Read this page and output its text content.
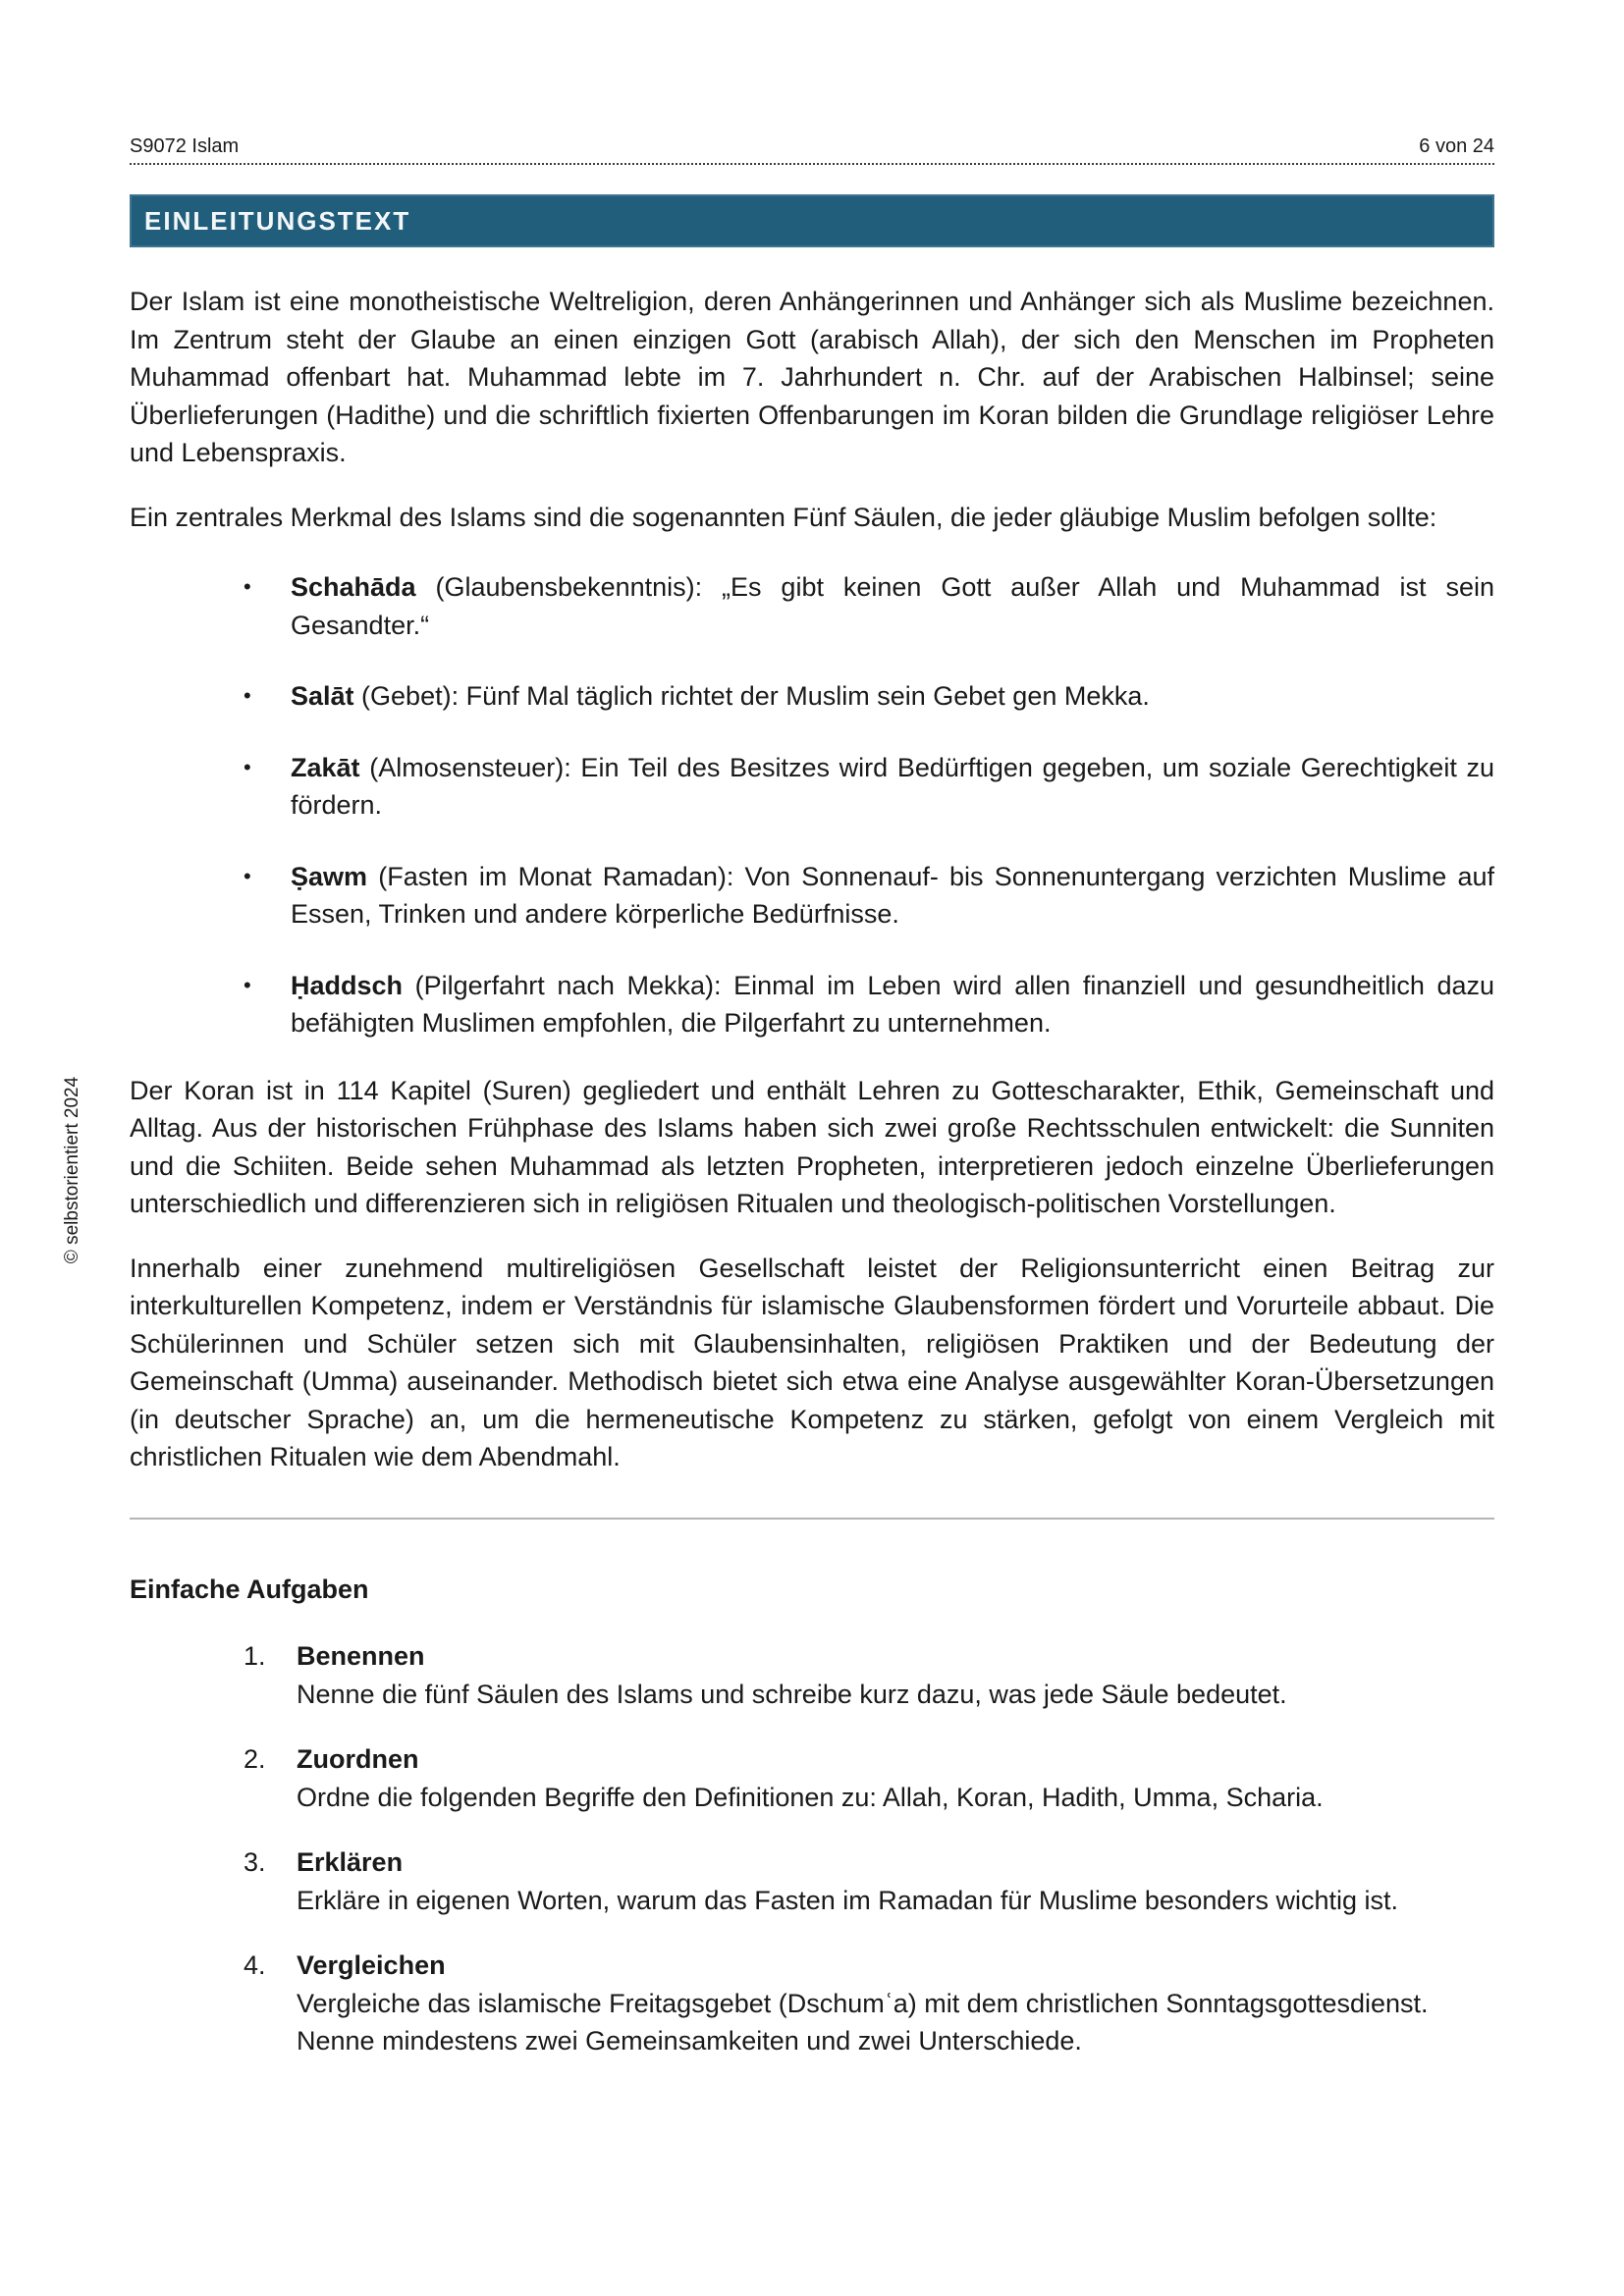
© selbstorientiert 2024
S9072 Islam	6 von 24
EINLEITUNGSTEXT

Der Islam ist eine monotheistische Weltreligion, deren Anhängerinnen und Anhänger sich als Muslime bezeichnen. Im Zentrum steht der Glaube an einen einzigen Gott (arabisch Allah), der sich den Menschen im Propheten Muhammad offenbart hat. Muhammad lebte im 7. Jahrhundert n. Chr. auf der Arabischen Halbinsel; seine Überlieferungen (Hadithe) und die schriftlich fixierten Offenbarungen im Koran bilden die Grundlage religiöser Lehre und Lebenspraxis.

Ein zentrales Merkmal des Islams sind die sogenannten Fünf Säulen, die jeder gläubige Muslim befolgen sollte:

•	Schahāda (Glaubensbekenntnis): „Es gibt keinen Gott außer Allah und Muhammad ist sein Gesandter.“
•	Salāt (Gebet): Fünf Mal täglich richtet der Muslim sein Gebet gen Mekka.
•	Zakāt (Almosensteuer): Ein Teil des Besitzes wird Bedürftigen gegeben, um soziale Gerechtigkeit zu fördern.
•	Ṣawm (Fasten im Monat Ramadan): Von Sonnenauf- bis Sonnenuntergang verzichten Muslime auf Essen, Trinken und andere körperliche Bedürfnisse.
•	Ḥaddsch (Pilgerfahrt nach Mekka): Einmal im Leben wird allen finanziell und gesundheitlich dazu befähigten Muslimen empfohlen, die Pilgerfahrt zu unternehmen.

Der Koran ist in 114 Kapitel (Suren) gegliedert und enthält Lehren zu Gottescharakter, Ethik, Gemeinschaft und Alltag. Aus der historischen Frühphase des Islams haben sich zwei große Rechtsschulen entwickelt: die Sunniten und die Schiiten. Beide sehen Muhammad als letzten Propheten, interpretieren jedoch einzelne Überlieferungen unterschiedlich und differenzieren sich in religiösen Ritualen und theologisch-politischen Vorstellungen.

Innerhalb einer zunehmend multireligiösen Gesellschaft leistet der Religionsunterricht einen Beitrag zur interkulturellen Kompetenz, indem er Verständnis für islamische Glaubensformen fördert und Vorurteile abbaut. Die Schülerinnen und Schüler setzen sich mit Glaubensinhalten, religiösen Praktiken und der Bedeutung der Gemeinschaft (Umma) auseinander. Methodisch bietet sich etwa eine Analyse ausgewählter Koran-Übersetzungen (in deutscher Sprache) an, um die hermeneutische Kompetenz zu stärken, gefolgt von einem Vergleich mit christlichen Ritualen wie dem Abendmahl.

Einfache Aufgaben
1.	Benennen
Nenne die fünf Säulen des Islams und schreibe kurz dazu, was jede Säule bedeutet.
2.	Zuordnen
Ordne die folgenden Begriffe den Definitionen zu: Allah, Koran, Hadith, Umma, Scharia.
3.	Erklären
Erkläre in eigenen Worten, warum das Fasten im Ramadan für Muslime besonders wichtig ist.
4.	Vergleichen
Vergleiche das islamische Freitagsgebet (Dschumʿa) mit dem christlichen Sonntagsgottesdienst. Nenne mindestens zwei Gemeinsamkeiten und zwei Unterschiede.
